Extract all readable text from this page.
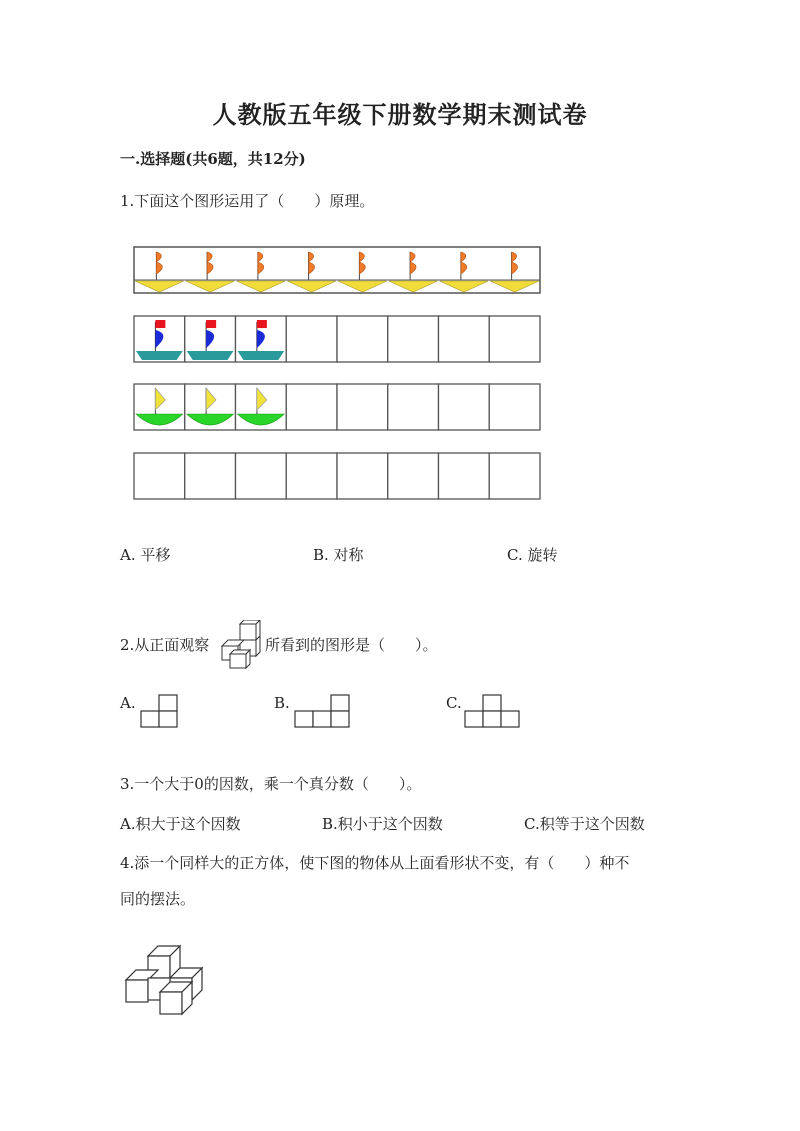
人教版五年级下册数学期末测试卷
一.选择题(共6题，共12分)
1.下面这个图形运用了（　　）原理。
A. 平移	B. 对称	C. 旋转
2.从正面观察	所看到的图形是（　　）。
A.	B.	C.
3.一个大于0的因数，乘一个真分数（　　）。
A.积大于这个因数	B.积小于这个因数	C.积等于这个因数
4.添一个同样大的正方体，使下图的物体从上面看形状不变，有（　　）种不
同的摆法。
